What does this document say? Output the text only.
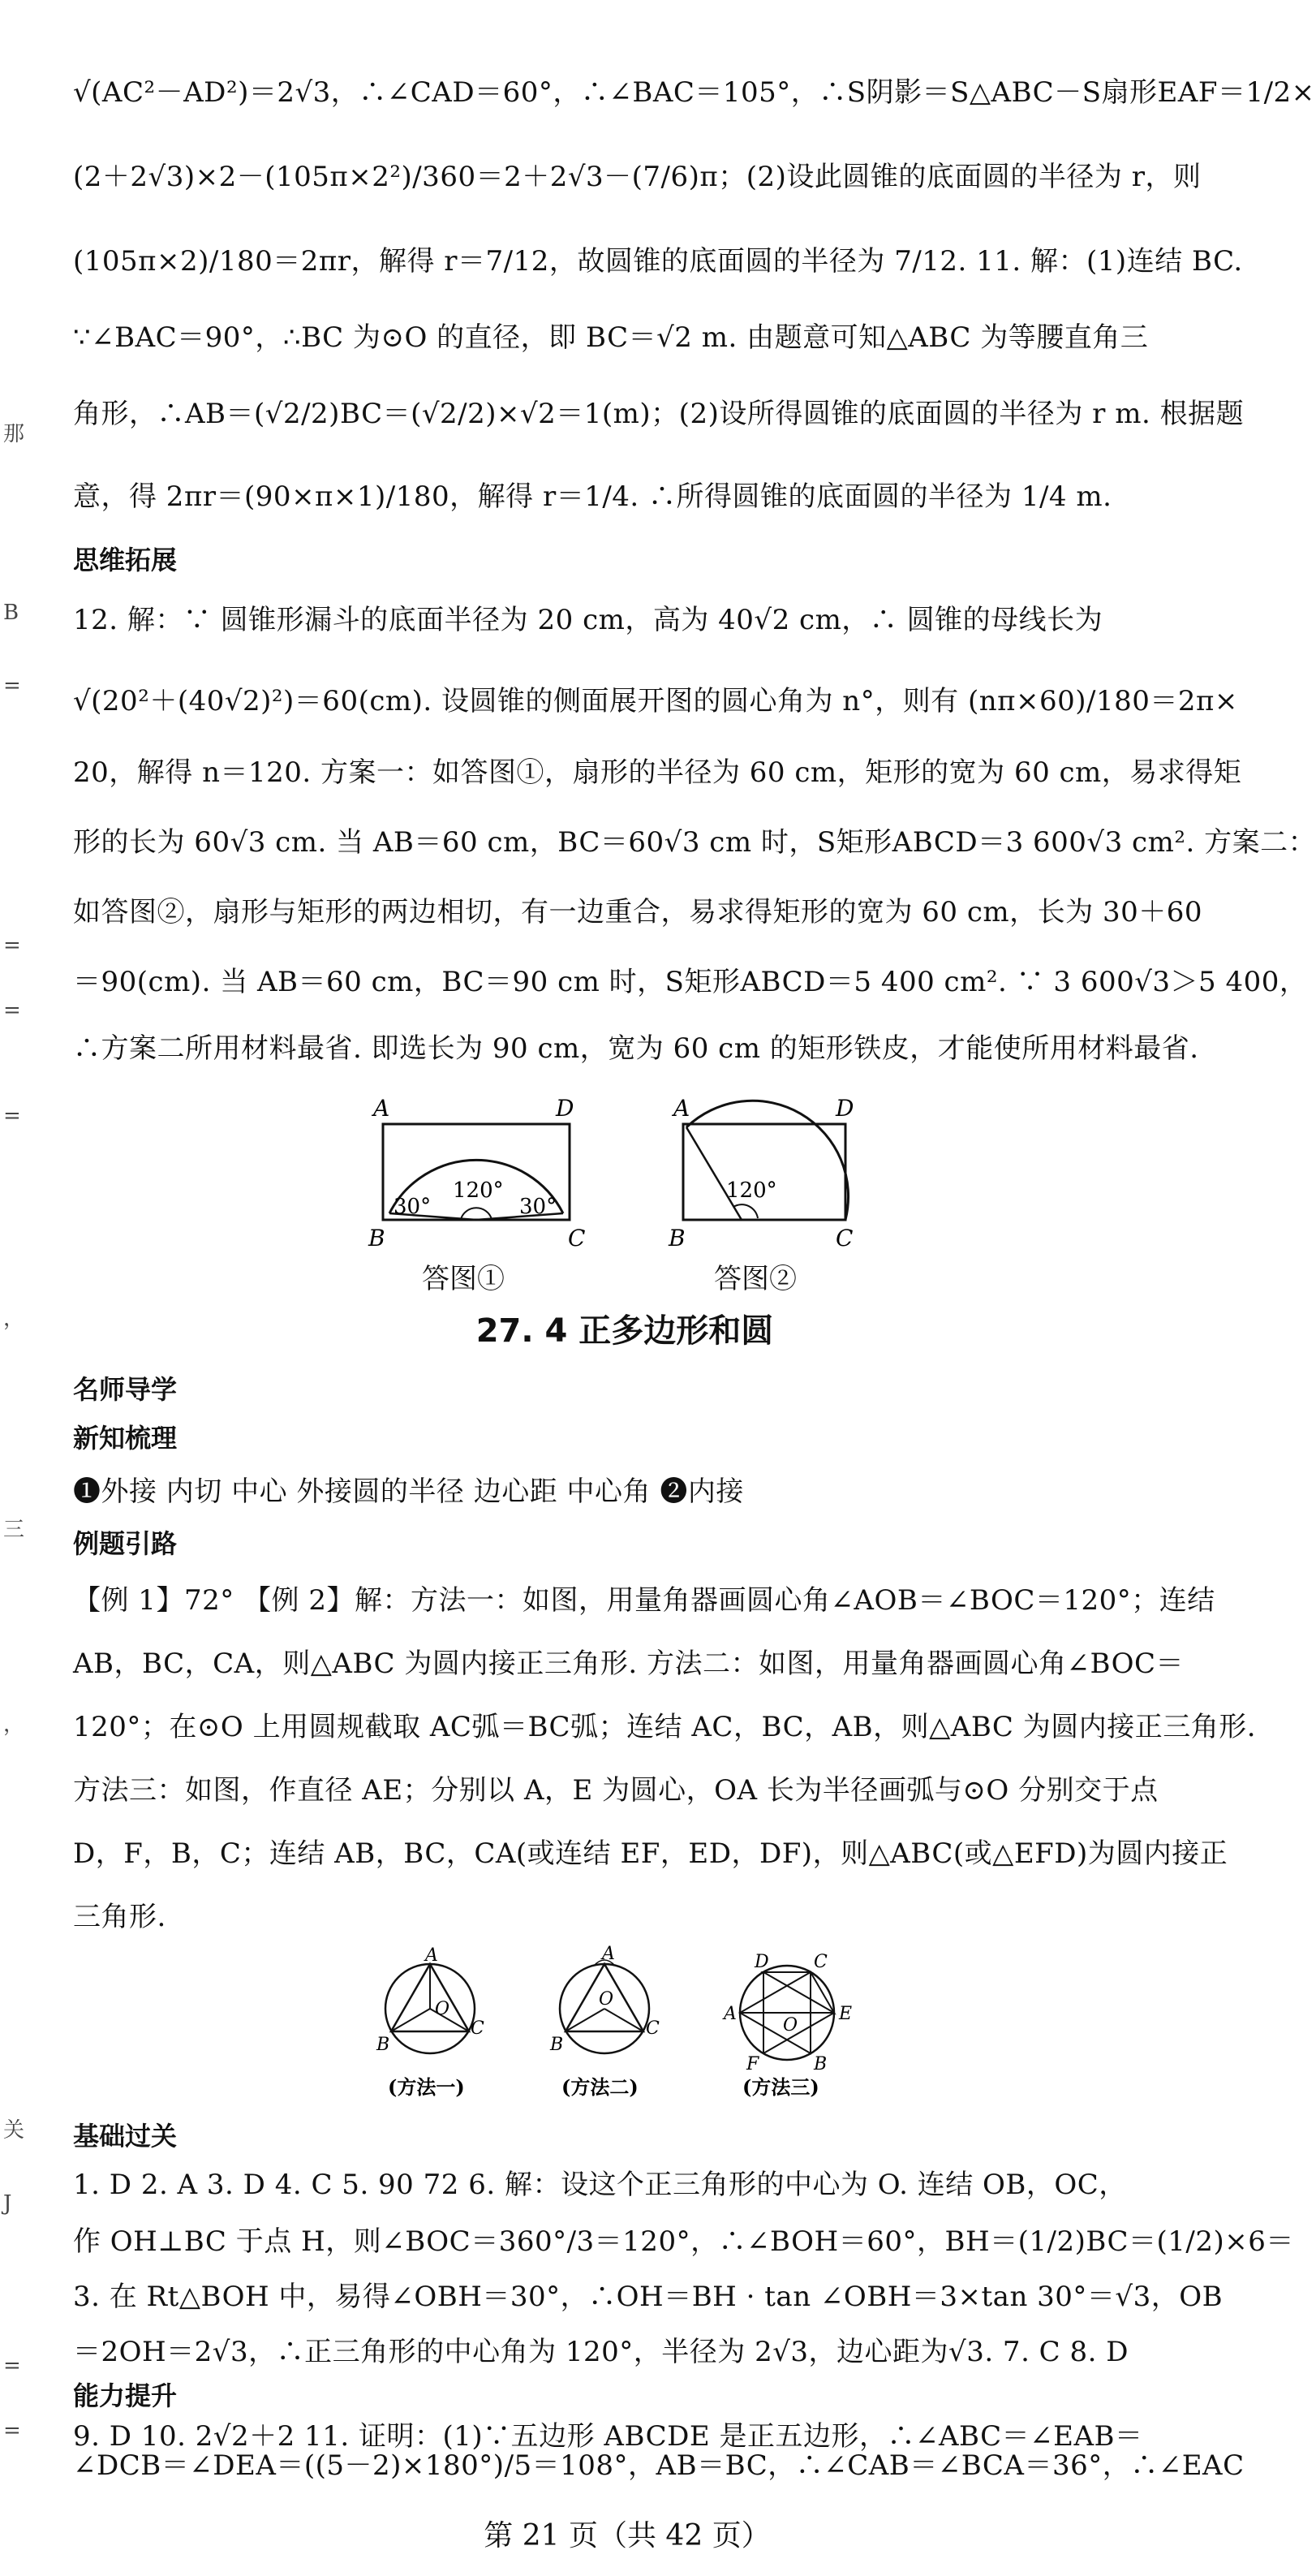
那
B
=
=
=
=
，
三
，
关
J
=
=
√(AC²－AD²)＝2√3，∴∠CAD＝60°，∴∠BAC＝105°，∴S阴影＝S△ABC－S扇形EAF＝1/2×
(2＋2√3)×2－(105π×2²)/360＝2＋2√3－(7/6)π；(2)设此圆锥的底面圆的半径为 r，则
(105π×2)/180＝2πr，解得 r＝7/12，故圆锥的底面圆的半径为 7/12. 11. 解：(1)连结 BC.
∵∠BAC＝90°，∴BC 为⊙O 的直径，即 BC＝√2 m. 由题意可知△ABC 为等腰直角三
角形，∴AB＝(√2/2)BC＝(√2/2)×√2＝1(m)；(2)设所得圆锥的底面圆的半径为 r m. 根据题
意，得 2πr＝(90×π×1)/180，解得 r＝1/4. ∴所得圆锥的底面圆的半径为 1/4 m.
思维拓展
12. 解：∵ 圆锥形漏斗的底面半径为 20 cm，高为 40√2 cm，∴ 圆锥的母线长为
√(20²＋(40√2)²)＝60(cm). 设圆锥的侧面展开图的圆心角为 n°，则有 (nπ×60)/180＝2π×
20，解得 n＝120. 方案一：如答图①，扇形的半径为 60 cm，矩形的宽为 60 cm，易求得矩
形的长为 60√3 cm. 当 AB＝60 cm，BC＝60√3 cm 时，S矩形ABCD＝3 600√3 cm². 方案二：
如答图②，扇形与矩形的两边相切，有一边重合，易求得矩形的宽为 60 cm，长为 30＋60
＝90(cm). 当 AB＝60 cm，BC＝90 cm 时，S矩形ABCD＝5 400 cm². ∵ 3 600√3＞5 400，
∴方案二所用材料最省. 即选长为 90 cm，宽为 60 cm 的矩形铁皮，才能使所用材料最省.
A	D
120°
30°	30°
B	C
答图①
A	D
120°
B	C
答图②
27. 4 正多边形和圆
名师导学
新知梳理
❶外接 内切 中心 外接圆的半径 边心距 中心角 ❷内接
例题引路
【例 1】72° 【例 2】解：方法一：如图，用量角器画圆心角∠AOB＝∠BOC＝120°；连结
AB，BC，CA，则△ABC 为圆内接正三角形. 方法二：如图，用量角器画圆心角∠BOC＝
120°；在⊙O 上用圆规截取 AC弧＝BC弧；连结 AC，BC，AB，则△ABC 为圆内接正三角形.
方法三：如图，作直径 AE；分别以 A，E 为圆心，OA 长为半径画弧与⊙O 分别交于点
D，F，B，C；连结 AB，BC，CA(或连结 EF，ED，DF)，则△ABC(或△EFD)为圆内接正
三角形.
A
B
C
O
(方法一)
A
B
C
O
(方法二)
D	C
A	E
O
F	B
(方法三)
基础过关
1. D 2. A 3. D 4. C 5. 90 72 6. 解：设这个正三角形的中心为 O. 连结 OB，OC，
作 OH⊥BC 于点 H，则∠BOC＝360°/3＝120°，∴∠BOH＝60°，BH＝(1/2)BC＝(1/2)×6＝
3. 在 Rt△BOH 中，易得∠OBH＝30°，∴OH＝BH · tan ∠OBH＝3×tan 30°＝√3，OB
＝2OH＝2√3，∴正三角形的中心角为 120°，半径为 2√3，边心距为√3. 7. C 8. D
能力提升
9. D 10. 2√2＋2 11. 证明：(1)∵五边形 ABCDE 是正五边形，∴∠ABC＝∠EAB＝
∠DCB＝∠DEA＝((5－2)×180°)/5＝108°，AB＝BC，∴∠CAB＝∠BCA＝36°，∴∠EAC
第 21 页（共 42 页）
